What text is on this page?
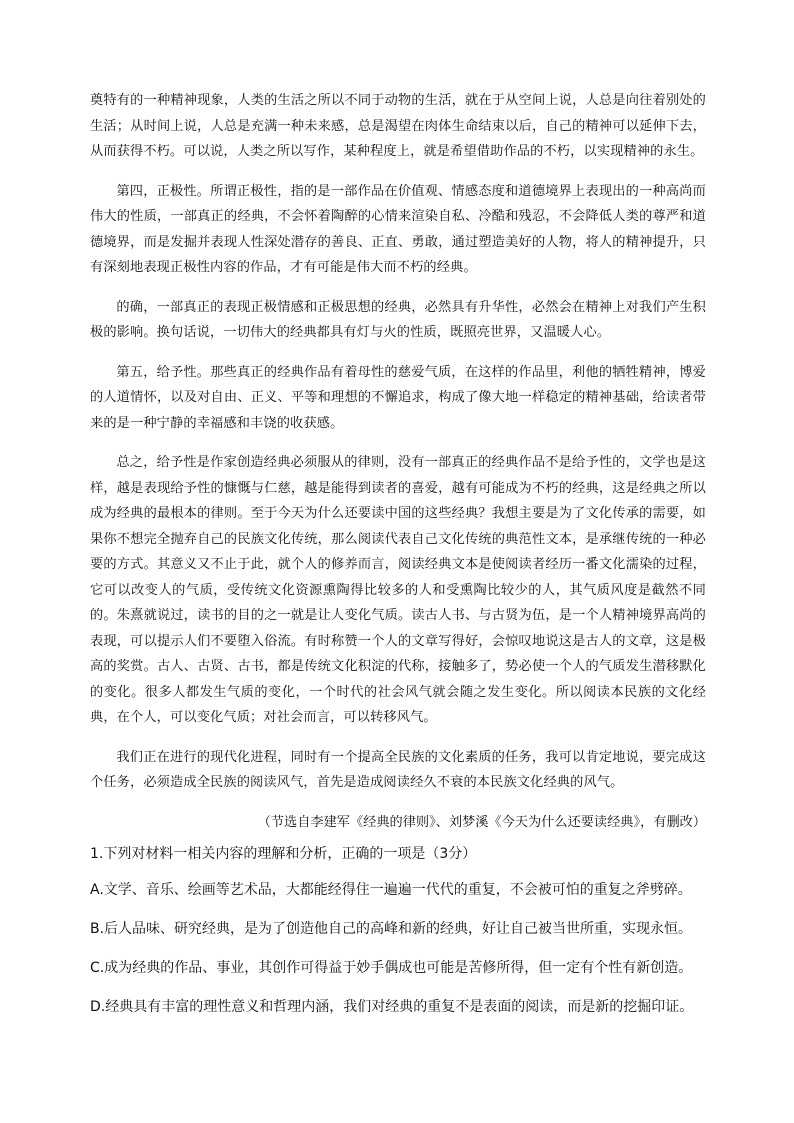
奠特有的一种精神现象，人类的生活之所以不同于动物的生活，就在于从空间上说，人总是向往着别处的生活；从时间上说，人总是充满一种未来感，总是渴望在肉体生命结束以后，自己的精神可以延伸下去，从而获得不朽。可以说，人类之所以写作，某种程度上，就是希望借助作品的不朽，以实现精神的永生。

第四，正极性。所谓正极性，指的是一部作品在价值观、情感态度和道德境界上表现出的一种高尚而伟大的性质，一部真正的经典，不会怀着陶醉的心情来渲染自私、冷酷和残忍，不会降低人类的尊严和道德境界，而是发掘并表现人性深处潜存的善良、正直、勇敢，通过塑造美好的人物，将人的精神提升，只有深刻地表现正极性内容的作品，才有可能是伟大而不朽的经典。

的确，一部真正的表现正极情感和正极思想的经典，必然具有升华性，必然会在精神上对我们产生积极的影响。换句话说，一切伟大的经典都具有灯与火的性质，既照亮世界，又温暖人心。

第五，给予性。那些真正的经典作品有着母性的慈爱气质，在这样的作品里，利他的牺牲精神，博爱的人道情怀，以及对自由、正义、平等和理想的不懈追求，构成了像大地一样稳定的精神基础，给读者带来的是一种宁静的幸福感和丰饶的收获感。

总之，给予性是作家创造经典必须服从的律则，没有一部真正的经典作品不是给予性的，文学也是这样，越是表现给予性的慷慨与仁慈，越是能得到读者的喜爱，越有可能成为不朽的经典，这是经典之所以成为经典的最根本的律则。至于今天为什么还要读中国的这些经典？我想主要是为了文化传承的需要，如果你不想完全抛弃自己的民族文化传统，那么阅读代表自己文化传统的典范性文本，是承继传统的一种必要的方式。其意义又不止于此，就个人的修养而言，阅读经典文本是使阅读者经历一番文化濡染的过程，它可以改变人的气质，受传统文化资源熏陶得比较多的人和受熏陶比较少的人，其气质风度是截然不同的。朱熹就说过，读书的目的之一就是让人变化气质。读古人书、与古贤为伍，是一个人精神境界高尚的表现，可以提示人们不要堕入俗流。有时称赞一个人的文章写得好，会惊叹地说这是古人的文章，这是极高的奖赏。古人、古贤、古书，都是传统文化积淀的代称，接触多了，势必使一个人的气质发生潜移默化的变化。很多人都发生气质的变化，一个时代的社会风气就会随之发生变化。所以阅读本民族的文化经典，在个人，可以变化气质；对社会而言，可以转移风气。

我们正在进行的现代化进程，同时有一个提高全民族的文化素质的任务，我可以肯定地说，要完成这个任务，必须造成全民族的阅读风气，首先是造成阅读经久不衰的本民族文化经典的风气。

（节选自李建军《经典的律则》、刘梦溪《今天为什么还要读经典》，有删改）
1.下列对材料一相关内容的理解和分析，正确的一项是（3分）
A.文学、音乐、绘画等艺术品，大都能经得住一遍遍一代代的重复，不会被可怕的重复之斧劈碎。
B.后人品味、研究经典，是为了创造他自己的高峰和新的经典，好让自己被当世所重，实现永恒。
C.成为经典的作品、事业，其创作可得益于妙手偶成也可能是苦修所得，但一定有个性有新创造。
D.经典具有丰富的理性意义和哲理内涵，我们对经典的重复不是表面的阅读，而是新的挖掘印证。
